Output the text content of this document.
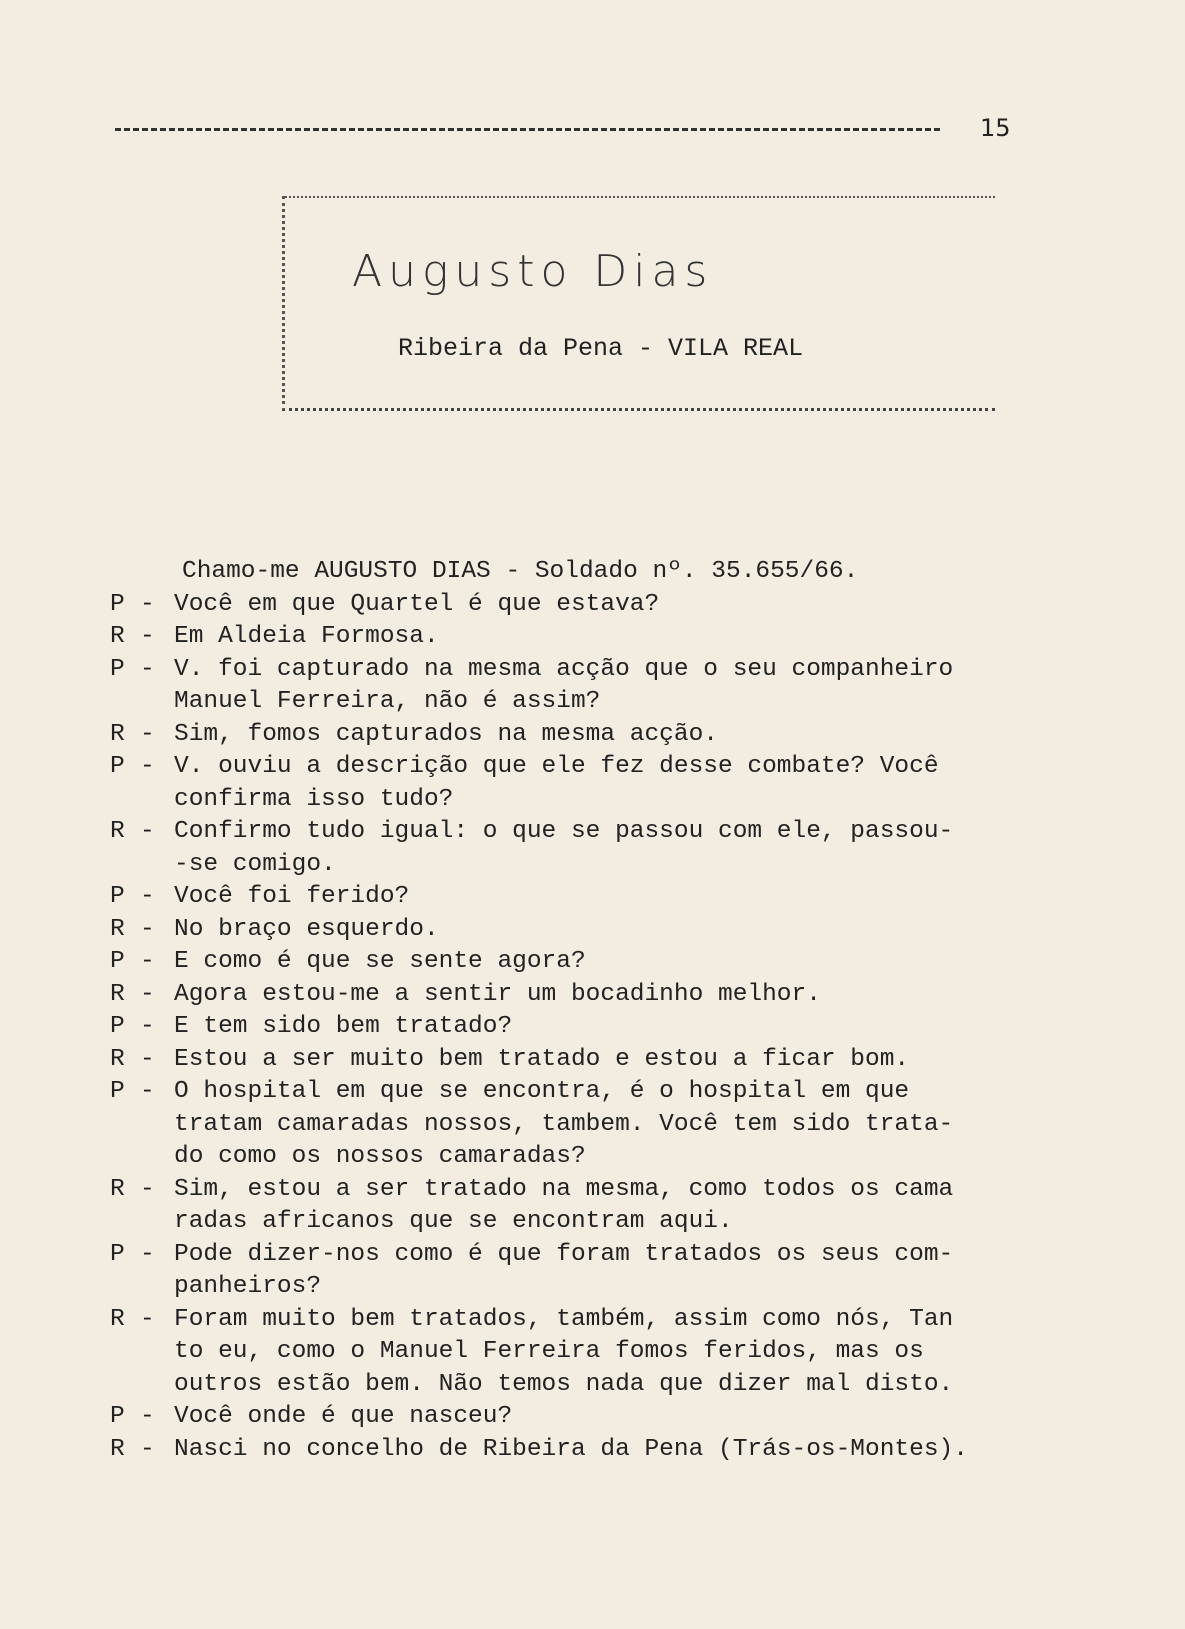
15
Augusto Dias
Ribeira da Pena - VILA REAL
Chamo-me AUGUSTO DIAS - Soldado nº. 35.655/66.
P -Você em que Quartel é que estava?
R -Em Aldeia Formosa.
P -V. foi capturado na mesma acção que o seu companheiro
Manuel Ferreira, não é assim?
R -Sim, fomos capturados na mesma acção.
P -V. ouviu a descrição que ele fez desse combate? Você
confirma isso tudo?
R -Confirmo tudo igual: o que se passou com ele, passou-
-se comigo.
P -Você foi ferido?
R -No braço esquerdo.
P -E como é que se sente agora?
R -Agora estou-me a sentir um bocadinho melhor.
P -E tem sido bem tratado?
R -Estou a ser muito bem tratado e estou a ficar bom.
P -O hospital em que se encontra, é o hospital em que
tratam camaradas nossos, tambem. Você tem sido trata-
do como os nossos camaradas?
R -Sim, estou a ser tratado na mesma, como todos os cama
radas africanos que se encontram aqui.
P -Pode dizer-nos como é que foram tratados os seus com-
panheiros?
R -Foram muito bem tratados, também, assim como nós, Tan
to eu, como o Manuel Ferreira fomos feridos, mas os
outros estão bem. Não temos nada que dizer mal disto.
P -Você onde é que nasceu?
R -Nasci no concelho de Ribeira da Pena (Trás-os-Montes).
